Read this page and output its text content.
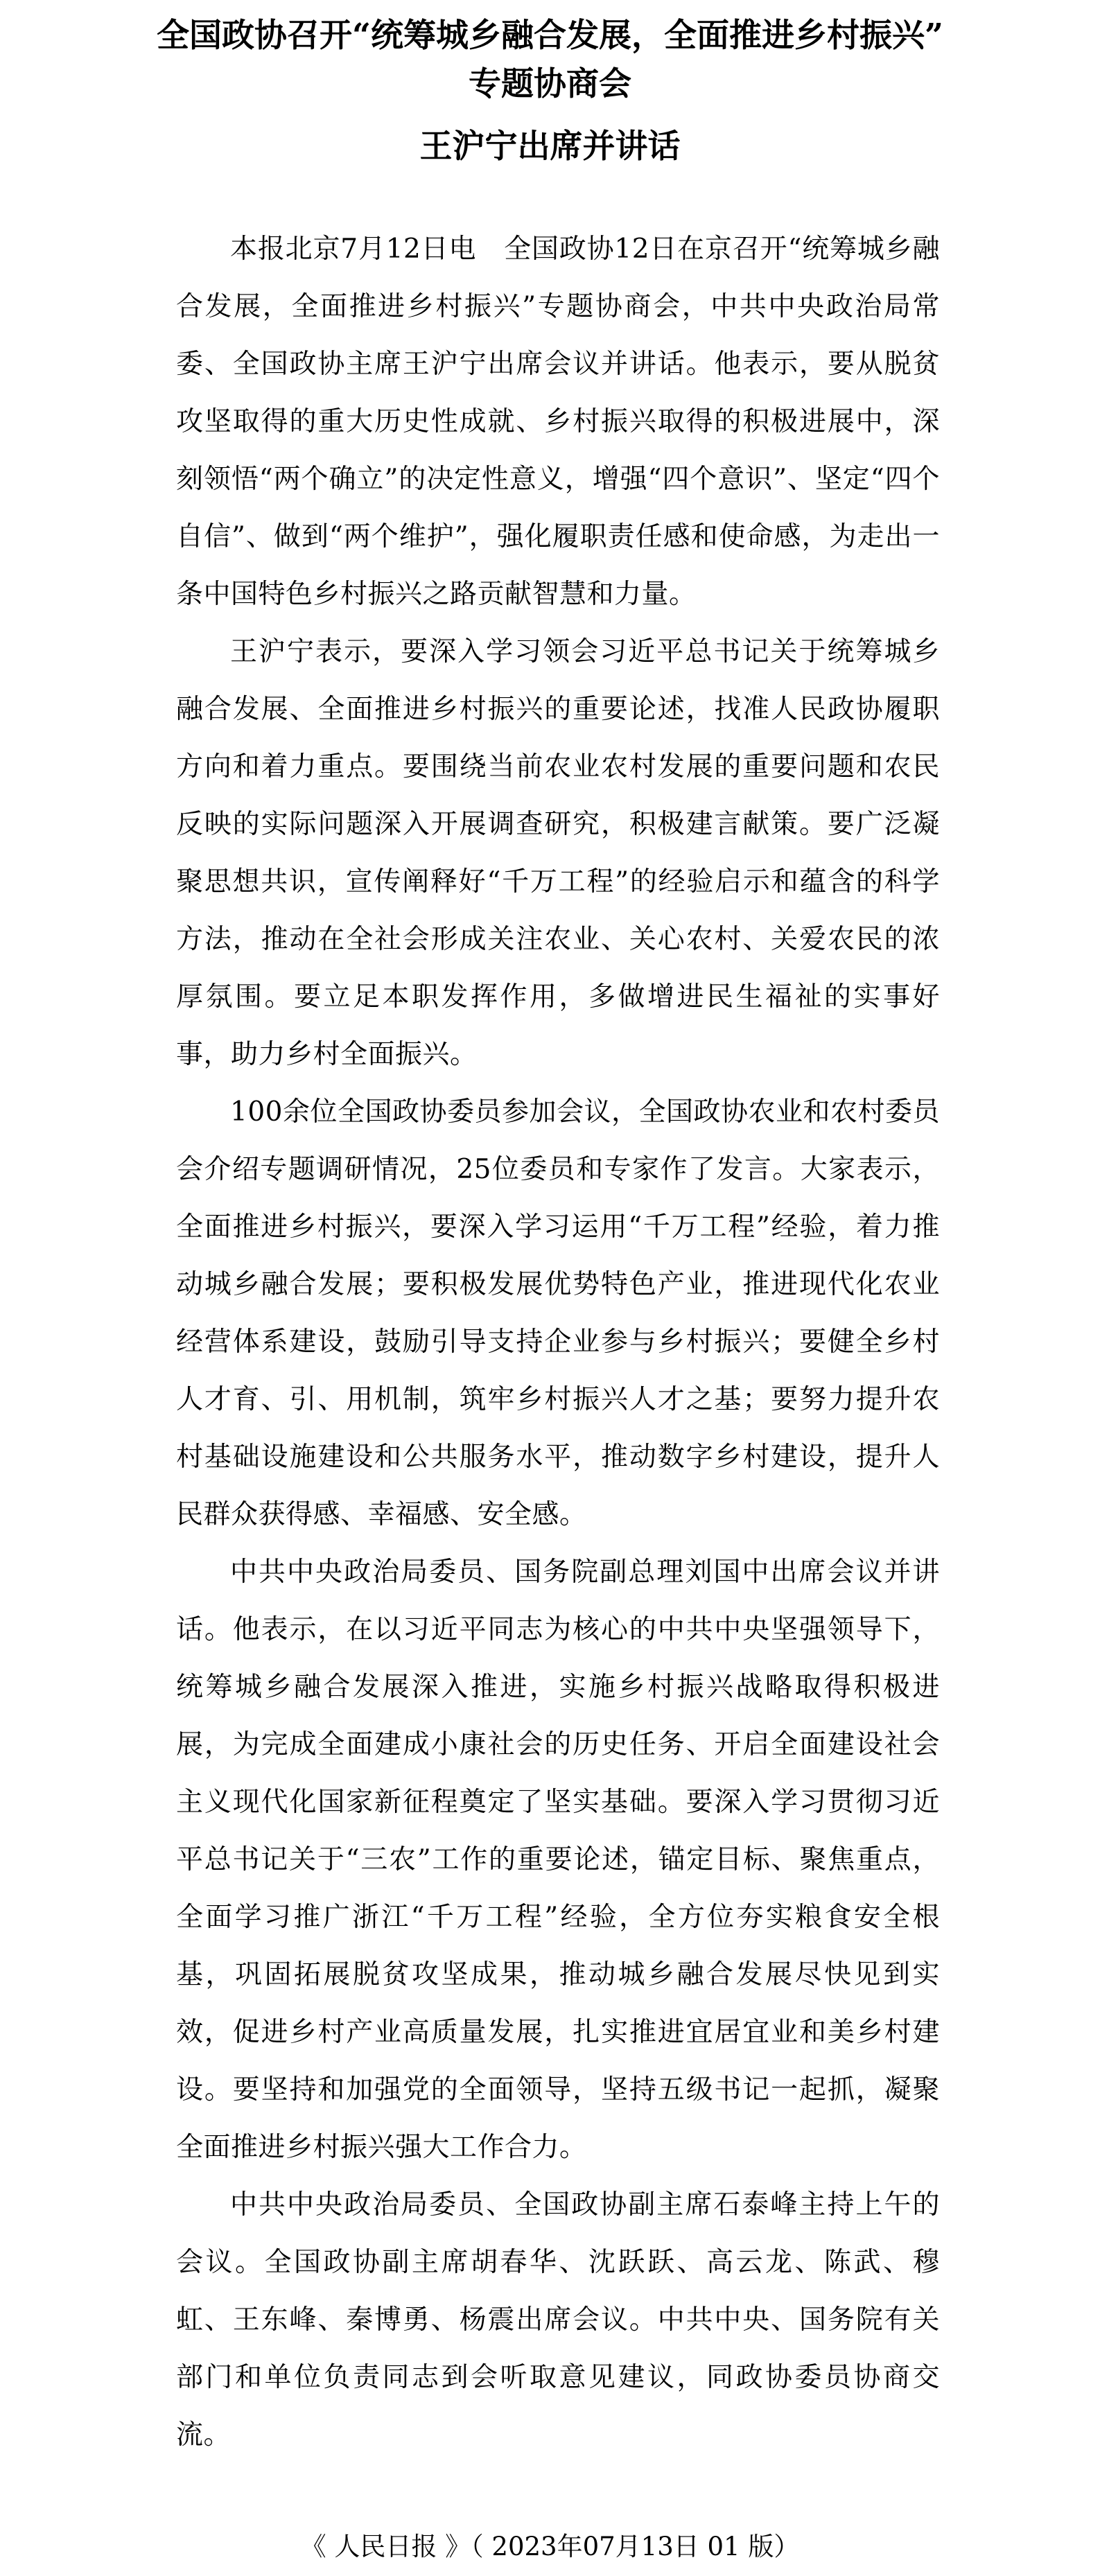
全国政协召开“统筹城乡融合发展，全面推进乡村振兴”
专题协商会
王沪宁出席并讲话

本报北京7月12日电　全国政协12日在京召开“统筹城乡融合发展，全面推进乡村振兴”专题协商会，中共中央政治局常委、全国政协主席王沪宁出席会议并讲话。他表示，要从脱贫攻坚取得的重大历史性成就、乡村振兴取得的积极进展中，深刻领悟“两个确立”的决定性意义，增强“四个意识”、坚定“四个自信”、做到“两个维护”，强化履职责任感和使命感，为走出一条中国特色乡村振兴之路贡献智慧和力量。

王沪宁表示，要深入学习领会习近平总书记关于统筹城乡融合发展、全面推进乡村振兴的重要论述，找准人民政协履职方向和着力重点。要围绕当前农业农村发展的重要问题和农民反映的实际问题深入开展调查研究，积极建言献策。要广泛凝聚思想共识，宣传阐释好“千万工程”的经验启示和蕴含的科学方法，推动在全社会形成关注农业、关心农村、关爱农民的浓厚氛围。要立足本职发挥作用，多做增进民生福祉的实事好事，助力乡村全面振兴。

100余位全国政协委员参加会议，全国政协农业和农村委员会介绍专题调研情况，25位委员和专家作了发言。大家表示，全面推进乡村振兴，要深入学习运用“千万工程”经验，着力推动城乡融合发展；要积极发展优势特色产业，推进现代化农业经营体系建设，鼓励引导支持企业参与乡村振兴；要健全乡村人才育、引、用机制，筑牢乡村振兴人才之基；要努力提升农村基础设施建设和公共服务水平，推动数字乡村建设，提升人民群众获得感、幸福感、安全感。

中共中央政治局委员、国务院副总理刘国中出席会议并讲话。他表示，在以习近平同志为核心的中共中央坚强领导下，统筹城乡融合发展深入推进，实施乡村振兴战略取得积极进展，为完成全面建成小康社会的历史任务、开启全面建设社会主义现代化国家新征程奠定了坚实基础。要深入学习贯彻习近平总书记关于“三农”工作的重要论述，锚定目标、聚焦重点，全面学习推广浙江“千万工程”经验，全方位夯实粮食安全根基，巩固拓展脱贫攻坚成果，推动城乡融合发展尽快见到实效，促进乡村产业高质量发展，扎实推进宜居宜业和美乡村建设。要坚持和加强党的全面领导，坚持五级书记一起抓，凝聚全面推进乡村振兴强大工作合力。

中共中央政治局委员、全国政协副主席石泰峰主持上午的会议。全国政协副主席胡春华、沈跃跃、高云龙、陈武、穆虹、王东峰、秦博勇、杨震出席会议。中共中央、国务院有关部门和单位负责同志到会听取意见建议，同政协委员协商交流。

《 人民日报 》（ 2023年07月13日 01 版）
